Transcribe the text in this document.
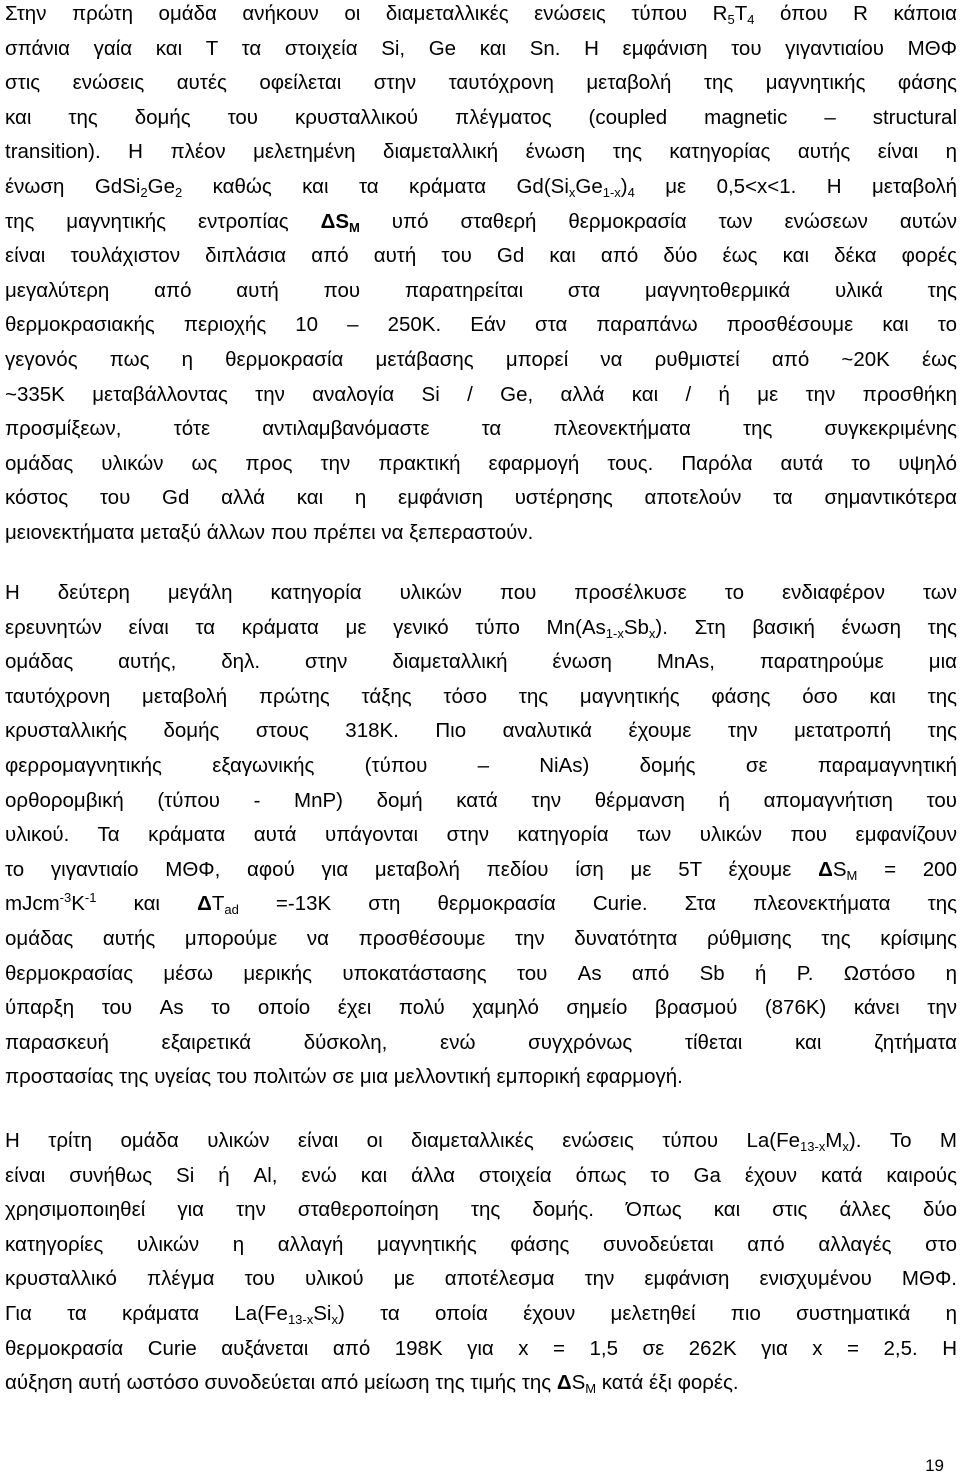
Στην πρώτη ομάδα ανήκουν οι διαμεταλλικές ενώσεις τύπου $R_5T_4$ όπου R κάποια

σπάνια γαία και T τα στοιχεία Si, Ge και Sn. Η εμφάνιση του γιγαντιαίου ΜΘΦ

στις ενώσεις αυτές οφείλεται στην ταυτόχρονη μεταβολή της μαγνητικής φάσης

και της δομής του κρυσταλλικού πλέγματος (coupled magnetic – structural

transition). Η πλέον μελετημένη διαμεταλλική ένωση της κατηγορίας αυτής είναι η

ένωση $GdSi_2Ge_2$ καθώς και τα κράματα $Gd(Si_xGe_{1-x})_4$ με 0,5<x<1. Η μεταβολή

της μαγνητικής εντροπίας $\Delta S_M$ υπό σταθερή θερμοκρασία των ενώσεων αυτών

είναι τουλάχιστον διπλάσια από αυτή του Gd και από δύο έως και δέκα φορές

μεγαλύτερη από αυτή που παρατηρείται στα μαγνητοθερμικά υλικά της

θερμοκρασιακής περιοχής 10 – 250K. Εάν στα παραπάνω προσθέσουμε και το

γεγονός πως η θερμοκρασία μετάβασης μπορεί να ρυθμιστεί από ~20K έως

~335K μεταβάλλοντας την αναλογία Si / Ge, αλλά και / ή με την προσθήκη

προσμίξεων, τότε αντιλαμβανόμαστε τα πλεονεκτήματα της συγκεκριμένης

ομάδας υλικών ως προς την πρακτική εφαρμογή τους. Παρόλα αυτά το υψηλό

κόστος του Gd αλλά και η εμφάνιση υστέρησης αποτελούν τα σημαντικότερα

μειονεκτήματα μεταξύ άλλων που πρέπει να ξεπεραστούν.

Η δεύτερη μεγάλη κατηγορία υλικών που προσέλκυσε το ενδιαφέρον των

ερευνητών είναι τα κράματα με γενικό τύπο $Mn(As_{1-x}Sb_x)$. Στη βασική ένωση της

ομάδας αυτής, δηλ. στην διαμεταλλική ένωση MnAs, παρατηρούμε μια

ταυτόχρονη μεταβολή πρώτης τάξης τόσο της μαγνητικής φάσης όσο και της

κρυσταλλικής δομής στους 318K. Πιο αναλυτικά έχουμε την μετατροπή της

φερρομαγνητικής εξαγωνικής (τύπου – NiAs) δομής σε παραμαγνητική

ορθορομβική (τύπου - MnP) δομή κατά την θέρμανση ή απομαγνήτιση του

υλικού. Τα κράματα αυτά υπάγονται στην κατηγορία των υλικών που εμφανίζουν

το γιγαντιαίο ΜΘΦ, αφού για μεταβολή πεδίου ίση με 5T έχουμε $\Delta S_M = 200$

$mJcm^{-3}K^{-1}$ και $\Delta T_{ad} =-13K$ στη θερμοκρασία Curie. Στα πλεονεκτήματα της

ομάδας αυτής μπορούμε να προσθέσουμε την δυνατότητα ρύθμισης της κρίσιμης

θερμοκρασίας μέσω μερικής υποκατάστασης του As από Sb ή P. Ωστόσο η

ύπαρξη του As το οποίο έχει πολύ χαμηλό σημείο βρασμού (876K) κάνει την

παρασκευή εξαιρετικά δύσκολη, ενώ συγχρόνως τίθεται και ζητήματα

προστασίας της υγείας του πολιτών σε μια μελλοντική εμπορική εφαρμογή.

Η τρίτη ομάδα υλικών είναι οι διαμεταλλικές ενώσεις τύπου $La(Fe_{13-x}M_x)$. Το M

είναι συνήθως Si ή Al, ενώ και άλλα στοιχεία όπως το Ga έχουν κατά καιρούς

χρησιμοποιηθεί για την σταθεροποίηση της δομής. Όπως και στις άλλες δύο

κατηγορίες υλικών η αλλαγή μαγνητικής φάσης συνοδεύεται από αλλαγές στο

κρυσταλλικό πλέγμα του υλικού με αποτέλεσμα την εμφάνιση ενισχυμένου ΜΘΦ.

Για τα κράματα $La(Fe_{13-x}Si_x)$ τα οποία έχουν μελετηθεί πιο συστηματικά η

θερμοκρασία Curie αυξάνεται από 198K για x = 1,5 σε 262K για x = 2,5. Η

αύξηση αυτή ωστόσο συνοδεύεται από μείωση της τιμής της $\Delta S_M$ κατά έξι φορές.

19
